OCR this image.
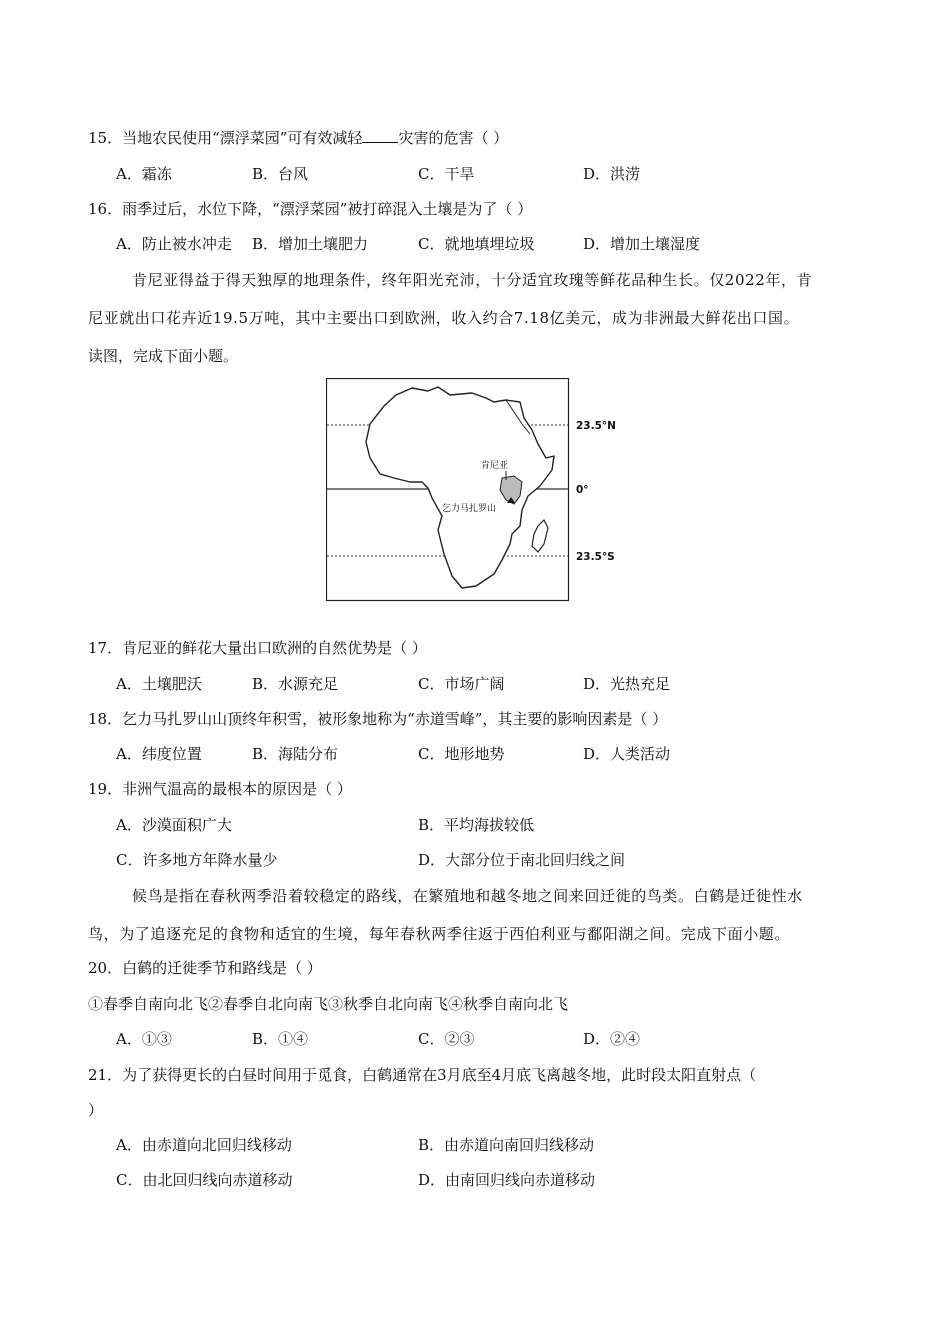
15．当地农民使用“漂浮菜园”可有效减轻 灾害的危害（ ）
A．霜冻	B．台风	C．干旱	D．洪涝
16．雨季过后，水位下降，“漂浮菜园”被打碎混入土壤是为了（ ）
A．防止被水冲走 B．增加土壤肥力	C．就地填埋垃圾	D．增加土壤湿度
肯尼亚得益于得天独厚的地理条件，终年阳光充沛，十分适宜玫瑰等鲜花品种生长。仅2022年，肯
尼亚就出口花卉近19.5万吨，其中主要出口到欧洲，收入约合7.18亿美元，成为非洲最大鲜花出口国。
读图，完成下面小题。
肯尼亚
乞力马扎罗山
23.5°N
0°
23.5°S
17．肯尼亚的鲜花大量出口欧洲的自然优势是（ ）
A．土壤肥沃	B．水源充足	C．市场广阔	D．光热充足
18．乞力马扎罗山山顶终年积雪，被形象地称为“赤道雪峰”，其主要的影响因素是（ ）
A．纬度位置	B．海陆分布	C．地形地势	D．人类活动
19．非洲气温高的最根本的原因是（ ）
A．沙漠面积广大	B．平均海拔较低
C．许多地方年降水量少	D．大部分位于南北回归线之间
候鸟是指在春秋两季沿着较稳定的路线，在繁殖地和越冬地之间来回迁徙的鸟类。白鹤是迁徙性水
鸟，为了追逐充足的食物和适宜的生境，每年春秋两季往返于西伯利亚与鄱阳湖之间。完成下面小题。
20．白鹤的迁徙季节和路线是（ ）
①春季自南向北飞②春季自北向南飞③秋季自北向南飞④秋季自南向北飞
A．①③	B．①④	C．②③	D．②④
21．为了获得更长的白昼时间用于觅食，白鹤通常在3月底至4月底飞离越冬地，此时段太阳直射点（
）
A．由赤道向北回归线移动	B．由赤道向南回归线移动
C．由北回归线向赤道移动	D．由南回归线向赤道移动
